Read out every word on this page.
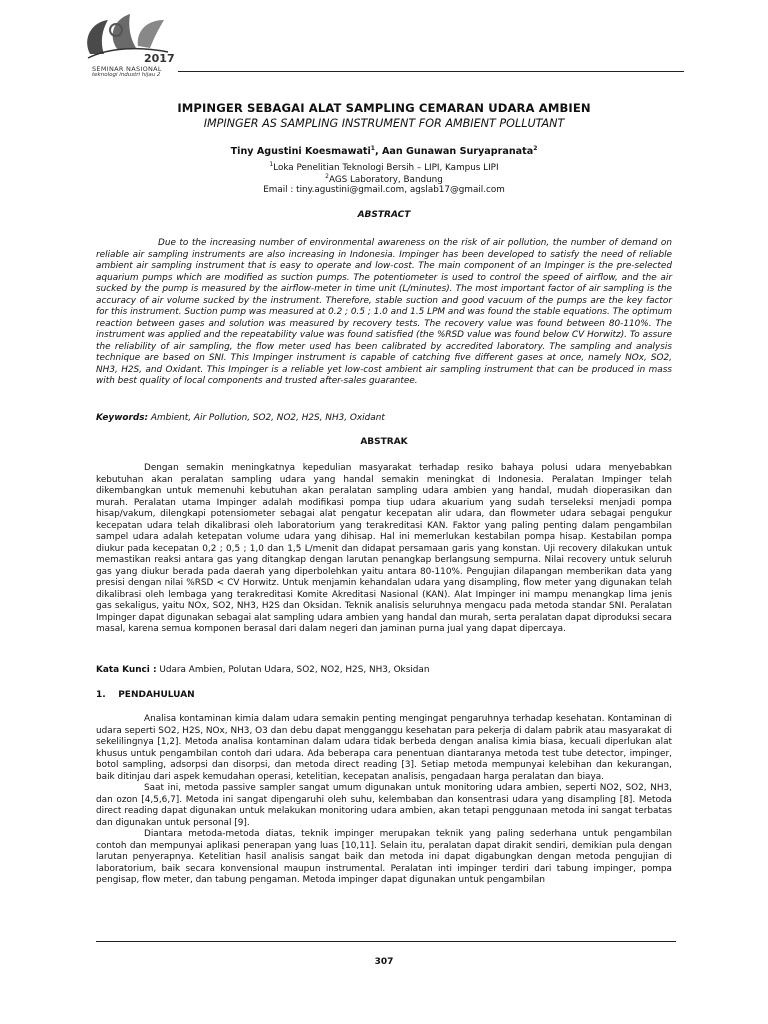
2017
SEMINAR NASIONAL
teknologi industri hijau 2
IMPINGER SEBAGAI ALAT SAMPLING CEMARAN UDARA AMBIEN
IMPINGER AS SAMPLING INSTRUMENT FOR AMBIENT POLLUTANT
Tiny Agustini Koesmawati$^1$, Aan Gunawan Suryapranata$^2$
$^1$Loka Penelitian Teknologi Bersih – LIPI, Kampus LIPI
$^2$AGS Laboratory, Bandung
Email : tiny.agustini@gmail.com, agslab17@gmail.com
ABSTRACT

Due to the increasing number of environmental awareness on the risk of air pollution, the number of demand on reliable air sampling instruments are also increasing in Indonesia. Impinger has been developed to satisfy the need of reliable ambient air sampling instrument that is easy to operate and low-cost. The main component of an Impinger is the pre-selected aquarium pumps which are modified as suction pumps. The potentiometer is used to control the speed of airflow, and the air sucked by the pump is measured by the airflow-meter in time unit (L/minutes). The most important factor of air sampling is the accuracy of air volume sucked by the instrument. Therefore, stable suction and good vacuum of the pumps are the key factor for this instrument. Suction pump was measured at 0.2 ; 0.5 ; 1.0 and 1.5 LPM and was found the stable equations. The optimum reaction between gases and solution was measured by recovery tests. The recovery value was found between 80-110%. The instrument was applied and the repeatability value was found satisfied (the %RSD value was found below CV Horwitz). To assure the reliability of air sampling, the flow meter used has been calibrated by accredited laboratory. The sampling and analysis technique are based on SNI. This Impinger instrument is capable of catching five different gases at once, namely NOx, SO2, NH3, H2S, and Oxidant. This Impinger is a reliable yet low-cost ambient air sampling instrument that can be produced in mass with best quality of local components and trusted after-sales guarantee.

Keywords: Ambient, Air Pollution, SO2, NO2, H2S, NH3, Oxidant

ABSTRAK

Dengan semakin meningkatnya kepedulian masyarakat terhadap resiko bahaya polusi udara menyebabkan kebutuhan akan peralatan sampling udara yang handal semakin meningkat di Indonesia. Peralatan Impinger telah dikembangkan untuk memenuhi kebutuhan akan peralatan sampling udara ambien yang handal, mudah dioperasikan dan murah. Peralatan utama Impinger adalah modifikasi pompa tiup udara akuarium yang sudah terseleksi menjadi pompa hisap/vakum, dilengkapi potensiometer sebagai alat pengatur kecepatan alir udara, dan flowmeter udara sebagai pengukur kecepatan udara telah dikalibrasi oleh laboratorium yang terakreditasi KAN. Faktor yang paling penting dalam pengambilan sampel udara adalah ketepatan volume udara yang dihisap. Hal ini memerlukan kestabilan pompa hisap. Kestabilan pompa diukur pada kecepatan 0,2 ; 0,5 ; 1,0 dan 1,5 L/menit dan didapat persamaan garis yang konstan. Uji recovery dilakukan untuk memastikan reaksi antara gas yang ditangkap dengan larutan penangkap berlangsung sempurna. Nilai recovery untuk seluruh gas yang diukur berada pada daerah yang diperbolehkan yaitu antara 80-110%. Pengujian dilapangan memberikan data yang presisi dengan nilai %RSD < CV Horwitz. Untuk menjamin kehandalan udara yang disampling, flow meter yang digunakan telah dikalibrasi oleh lembaga yang terakreditasi Komite Akreditasi Nasional (KAN). Alat Impinger ini mampu menangkap lima jenis gas sekaligus, yaitu NOx, SO2, NH3, H2S dan Oksidan. Teknik analisis seluruhnya mengacu pada metoda standar SNI. Peralatan Impinger dapat digunakan sebagai alat sampling udara ambien yang handal dan murah, serta peralatan dapat diproduksi secara masal, karena semua komponen berasal dari dalam negeri dan jaminan purna jual yang dapat dipercaya.

Kata Kunci : Udara Ambien, Polutan Udara, SO2, NO2, H2S, NH3, Oksidan

1.    PENDAHULUAN

Analisa kontaminan kimia dalam udara semakin penting mengingat pengaruhnya terhadap kesehatan. Kontaminan di udara seperti SO2, H2S, NOx, NH3, O3 dan debu dapat mengganggu kesehatan para pekerja di dalam pabrik atau masyarakat di sekelilingnya [1,2]. Metoda analisa kontaminan dalam udara tidak berbeda dengan analisa kimia biasa, kecuali diperlukan alat khusus untuk pengambilan contoh dari udara. Ada beberapa cara penentuan diantaranya metoda test tube detector, impinger, botol sampling, adsorpsi dan disorpsi, dan metoda direct reading [3]. Setiap metoda mempunyai kelebihan dan kekurangan, baik ditinjau dari aspek kemudahan operasi, ketelitian, kecepatan analisis, pengadaan harga peralatan dan biaya.

Saat ini, metoda passive sampler sangat umum digunakan untuk monitoring udara ambien, seperti NO2, SO2, NH3, dan ozon [4,5,6,7]. Metoda ini sangat dipengaruhi oleh suhu, kelembaban dan konsentrasi udara yang disampling [8]. Metoda direct reading dapat digunakan untuk melakukan monitoring udara ambien, akan tetapi penggunaan metoda ini sangat terbatas dan digunakan untuk personal [9].

Diantara metoda-metoda diatas, teknik impinger merupakan teknik yang paling sederhana untuk pengambilan contoh dan mempunyai aplikasi penerapan yang luas [10,11]. Selain itu, peralatan dapat dirakit sendiri, demikian pula dengan larutan penyerapnya. Ketelitian hasil analisis sangat baik dan metoda ini dapat digabungkan dengan metoda pengujian di laboratorium, baik secara konvensional maupun instrumental. Peralatan inti impinger terdiri dari tabung impinger, pompa pengisap, flow meter, dan tabung pengaman. Metoda impinger dapat digunakan untuk pengambilan

307
